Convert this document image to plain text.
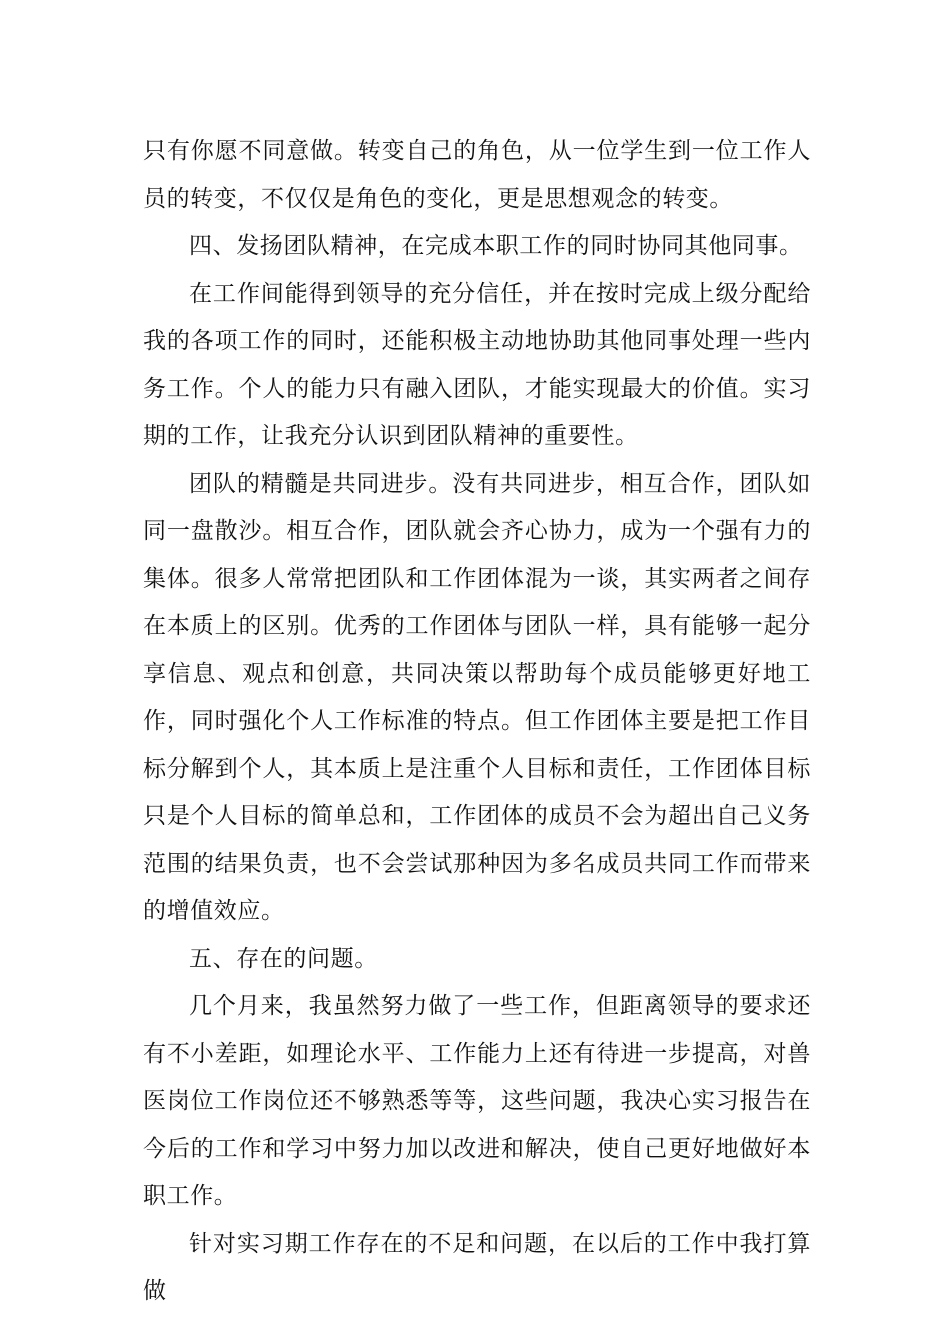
只有你愿不同意做。转变自己的角色，从一位学生到一位工作人员的转变，不仅仅是角色的变化，更是思想观念的转变。

四、发扬团队精神，在完成本职工作的同时协同其他同事。

在工作间能得到领导的充分信任，并在按时完成上级分配给我的各项工作的同时，还能积极主动地协助其他同事处理一些内务工作。个人的能力只有融入团队，才能实现最大的价值。实习期的工作，让我充分认识到团队精神的重要性。

团队的精髓是共同进步。没有共同进步，相互合作，团队如同一盘散沙。相互合作，团队就会齐心协力，成为一个强有力的集体。很多人常常把团队和工作团体混为一谈，其实两者之间存在本质上的区别。优秀的工作团体与团队一样，具有能够一起分享信息、观点和创意，共同决策以帮助每个成员能够更好地工作，同时强化个人工作标准的特点。但工作团体主要是把工作目标分解到个人，其本质上是注重个人目标和责任，工作团体目标只是个人目标的简单总和，工作团体的成员不会为超出自己义务范围的结果负责，也不会尝试那种因为多名成员共同工作而带来的增值效应。

五、存在的问题。

几个月来，我虽然努力做了一些工作，但距离领导的要求还有不小差距，如理论水平、工作能力上还有待进一步提高，对兽医岗位工作岗位还不够熟悉等等，这些问题，我决心实习报告在今后的工作和学习中努力加以改进和解决，使自己更好地做好本职工作。

针对实习期工作存在的不足和问题，在以后的工作中我打算做
